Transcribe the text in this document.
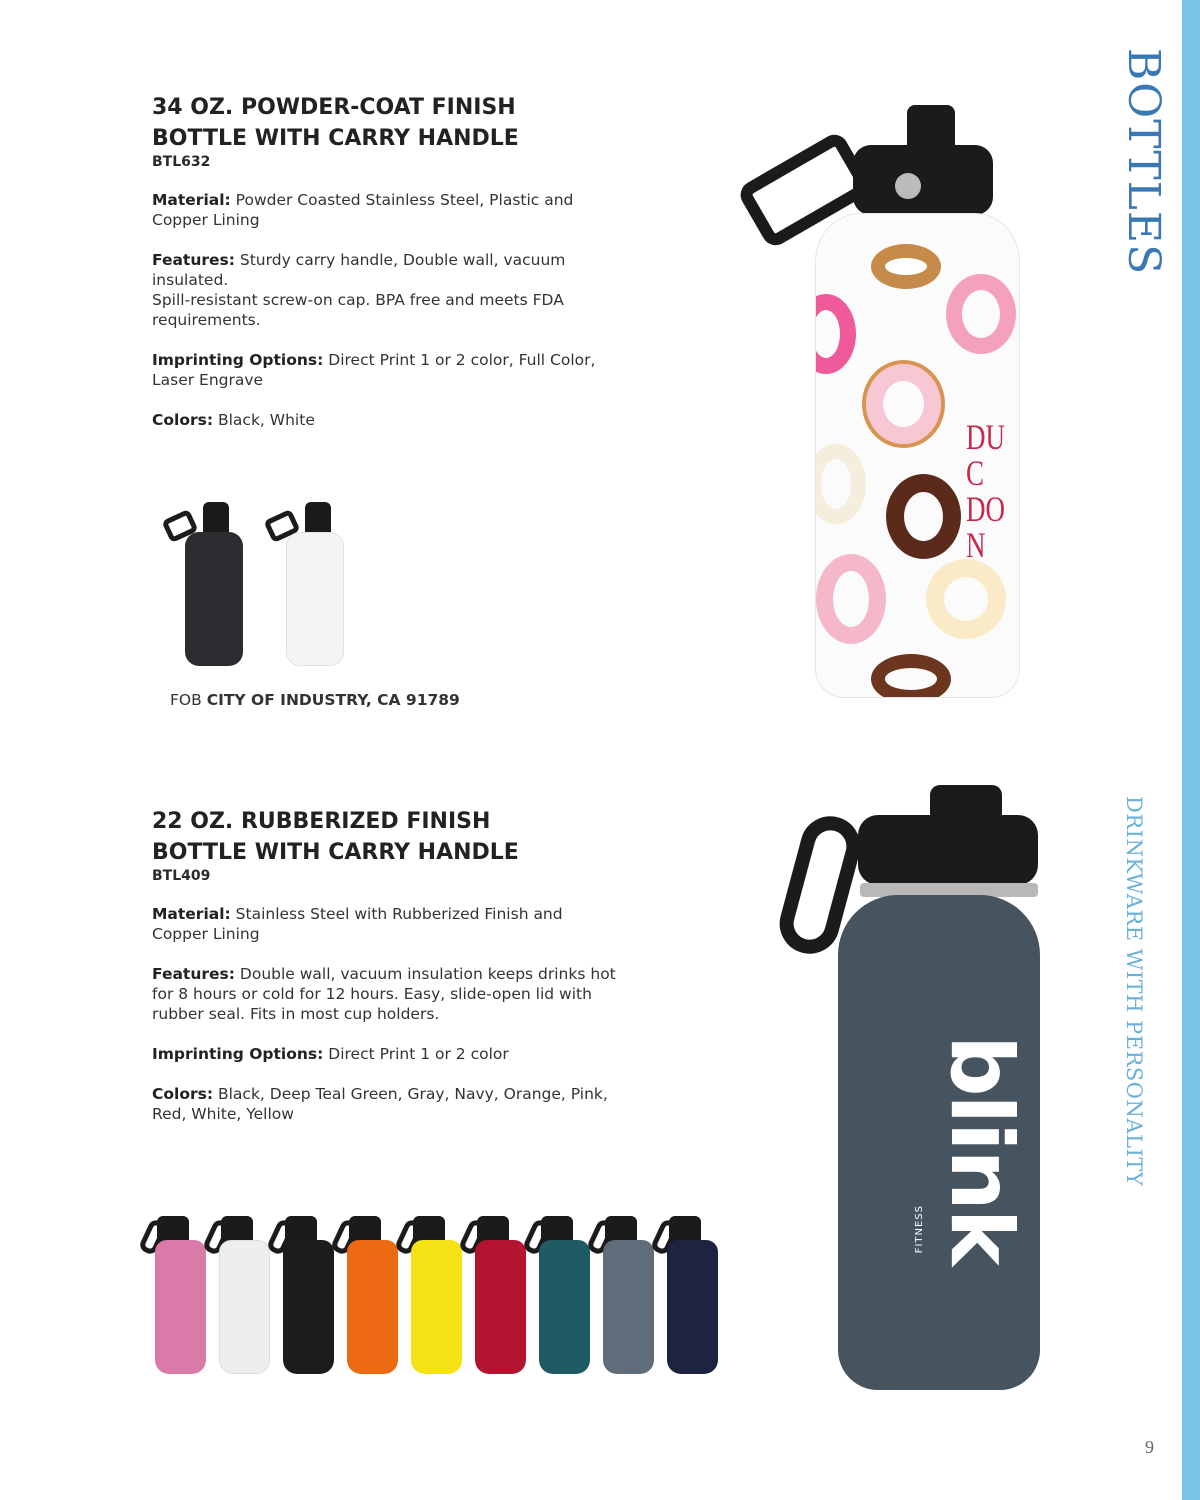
BOTTLES
DRINKWARE WITH PERSONALITY
9
34 OZ. POWDER-COAT FINISH
BOTTLE WITH CARRY HANDLE
BTL632

Material: Powder Coasted Stainless Steel, Plastic and Copper Lining

Features: Sturdy carry handle, Double wall, vacuum insulated.
Spill-resistant screw-on cap. BPA free and meets FDA requirements.

Imprinting Options: Direct Print 1 or 2 color, Full Color, Laser Engrave

Colors: Black, White

FOB CITY OF INDUSTRY, CA 91789
DUC DON
22 OZ. RUBBERIZED FINISH
BOTTLE WITH CARRY HANDLE
BTL409

Material: Stainless Steel with Rubberized Finish and Copper Lining

Features: Double wall, vacuum insulation keeps drinks hot for 8 hours or cold for 12 hours. Easy, slide-open lid with rubber seal. Fits in most cup holders.

Imprinting Options: Direct Print 1 or 2 color

Colors: Black, Deep Teal Green, Gray, Navy, Orange, Pink, Red, White, Yellow	blink
FITNESS
